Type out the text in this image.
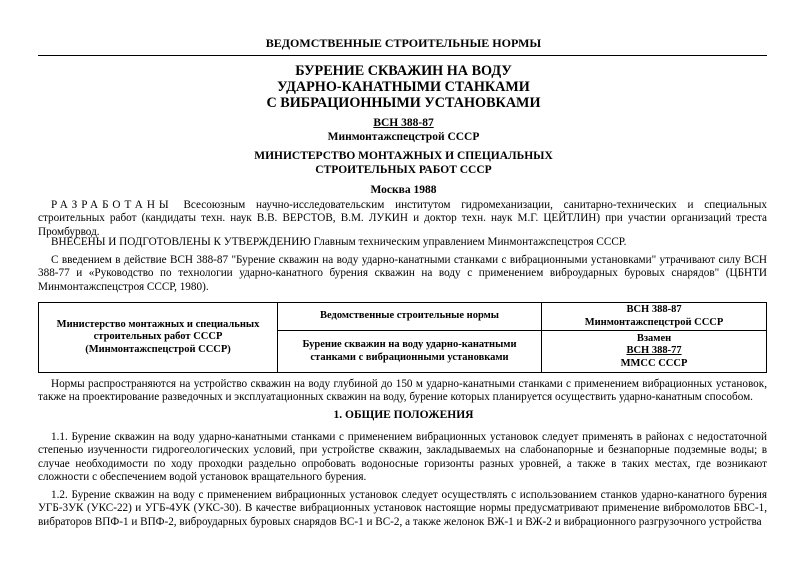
ВЕДОМСТВЕННЫЕ СТРОИТЕЛЬНЫЕ НОРМЫ
БУРЕНИЕ СКВАЖИН НА ВОДУ
УДАРНО-КАНАТНЫМИ СТАНКАМИ
С ВИБРАЦИОННЫМИ УСТАНОВКАМИ
ВСН 388-87
Минмонтажспецстрой СССР
МИНИСТЕРСТВО МОНТАЖНЫХ И СПЕЦИАЛЬНЫХ
СТРОИТЕЛЬНЫХ РАБОТ СССР
Москва 1988
РАЗРАБОТАНЫ Всесоюзным научно-исследовательским институтом гидромеханизации, санитарно-технических и специальных строительных работ (кандидаты техн. наук В.В. ВЕРСТОВ, В.М. ЛУКИН и доктор техн. наук М.Г. ЦЕЙТЛИН) при участии организаций треста Промбурвод.
ВНЕСЕНЫ И ПОДГОТОВЛЕНЫ К УТВЕРЖДЕНИЮ Главным техническим управлением Минмонтажспецстроя СССР.
С введением в действие ВСН 388-87 "Бурение скважин на воду ударно-канатными станками с вибрационными установками" утрачивают силу ВСН 388-77 и «Руководство по технологии ударно-канатного бурения скважин на воду с применением виброударных буровых снарядов" (ЦБНТИ Минмонтажспецстроя СССР, 1980).
Министерство монтажных и специальных строительных работ СССР (Минмонтажспецстрой СССР)	Ведомственные строительные нормы	ВСН 388-87
Минмонтажспецстрой СССР

	Бурение скважин на воду ударно-канатными станками с вибрационными установками	Взамен
ВСН 388-77
ММСС СССР
Нормы распространяются на устройство скважин на воду глубиной до 150 м ударно-канатными станками с применением вибрационных установок, также на проектирование разведочных и эксплуатационных скважин на воду, бурение которых планируется осуществить ударно-канатным способом.
1. ОБЩИЕ ПОЛОЖЕНИЯ
1.1. Бурение скважин на воду ударно-канатными станками с применением вибрационных установок следует применять в районах с недостаточной степенью изученности гидрогеологических условий, при устройстве скважин, закладываемых на слабонапорные и безнапорные подземные воды; в случае необходимости по ходу проходки раздельно опробовать водоносные горизонты разных уровней, а также в таких местах, где возникают сложности с обеспечением водой установок вращательного бурения.
1.2. Бурение скважин на воду с применением вибрационных установок следует осуществлять с использованием станков ударно-канатного бурения УГБ-3УК (УКС-22) и УГБ-4УК (УКС-30). В качестве вибрационных установок настоящие нормы предусматривают применение вибромолотов БВС-1, вибраторов ВПФ-1 и ВПФ-2, виброударных буровых снарядов ВС-1 и ВС-2, а также желонок ВЖ-1 и ВЖ-2 и вибрационного разгрузочного устройства
